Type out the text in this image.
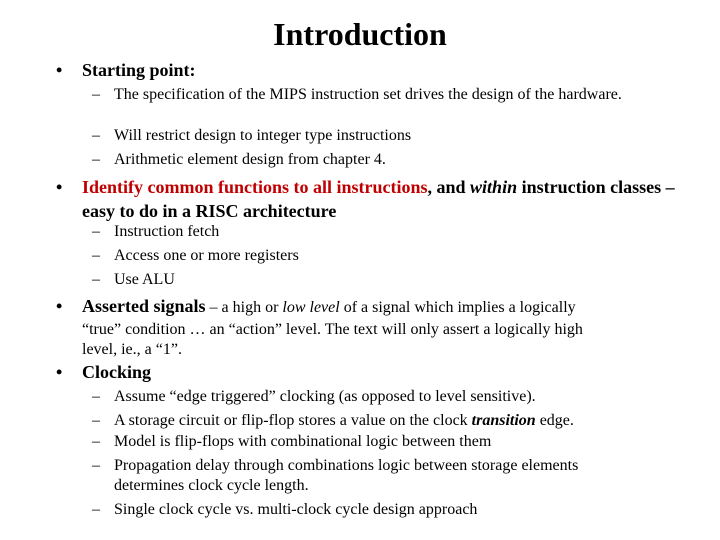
Introduction
• Starting point:
– The specification of the MIPS instruction set drives the design of the hardware.
– Will restrict design to integer type instructions
– Arithmetic element design from chapter 4.
• Identify common functions to all instructions, and within instruction classes – easy to do in a RISC architecture
– Instruction fetch
– Access one or more registers
– Use ALU
• Asserted signals – a high or low level of a signal which implies a logically
“true” condition … an “action” level. The text will only assert a logically high
level, ie., a “1”.
• Clocking
– Assume “edge triggered” clocking (as opposed to level sensitive).
– A storage circuit or flip-flop stores a value on the clock transition edge.
– Model is flip-flops with combinational logic between them
– Propagation delay through combinations logic between storage elements determines clock cycle length.
– Single clock cycle vs. multi-clock cycle design approach
